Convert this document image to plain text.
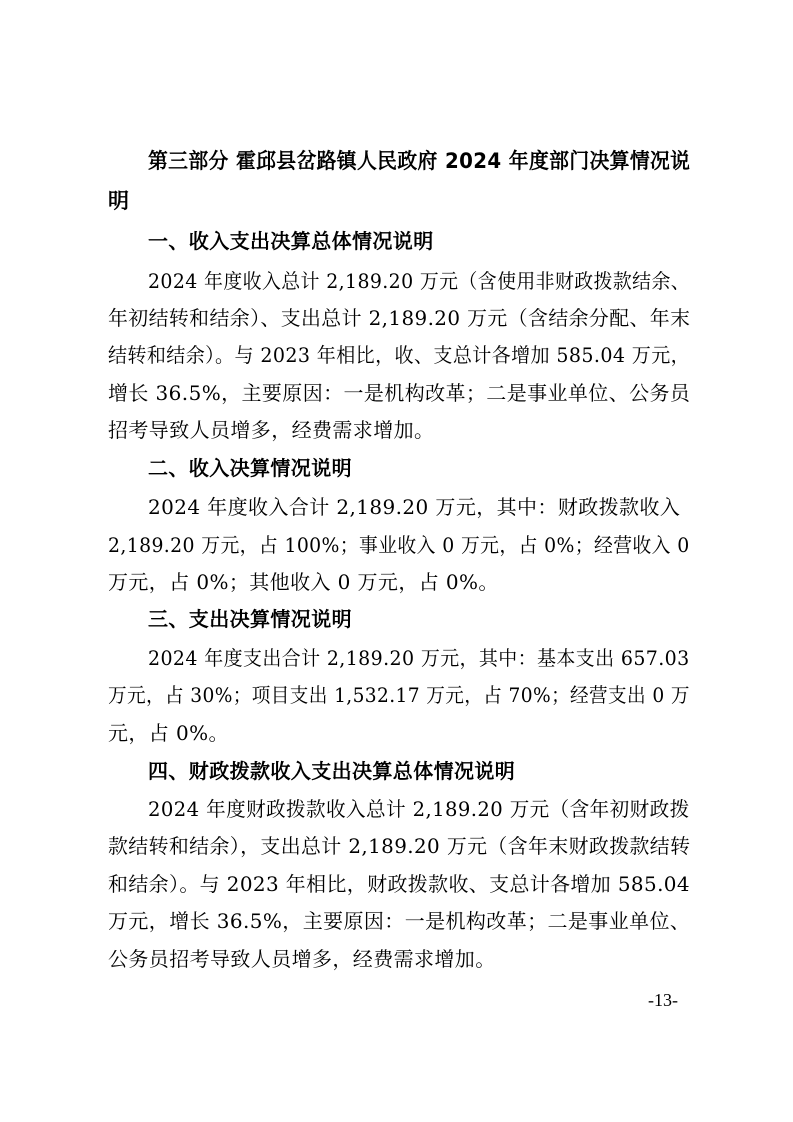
第三部分 霍邱县岔路镇人民政府 2024 年度部门决算情况说
明
一、收入支出决算总体情况说明
2024 年度收入总计 2,189.20 万元（含使用非财政拨款结余、
年初结转和结余）、支出总计 2,189.20 万元（含结余分配、年末
结转和结余）。与 2023 年相比，收、支总计各增加 585.04 万元，
增长 36.5%，主要原因：一是机构改革；二是事业单位、公务员
招考导致人员增多，经费需求增加。
二、收入决算情况说明
2024 年度收入合计 2,189.20 万元，其中：财政拨款收入
2,189.20 万元，占 100%；事业收入 0 万元，占 0%；经营收入 0
万元，占 0%；其他收入 0 万元，占 0%。
三、支出决算情况说明
2024 年度支出合计 2,189.20 万元，其中：基本支出 657.03
万元，占 30%；项目支出 1,532.17 万元，占 70%；经营支出 0 万
元，占 0%。
四、财政拨款收入支出决算总体情况说明
2024 年度财政拨款收入总计 2,189.20 万元（含年初财政拨
款结转和结余），支出总计 2,189.20 万元（含年末财政拨款结转
和结余）。与 2023 年相比，财政拨款收、支总计各增加 585.04
万元，增长 36.5%，主要原因：一是机构改革；二是事业单位、
公务员招考导致人员增多，经费需求增加。
-13-
